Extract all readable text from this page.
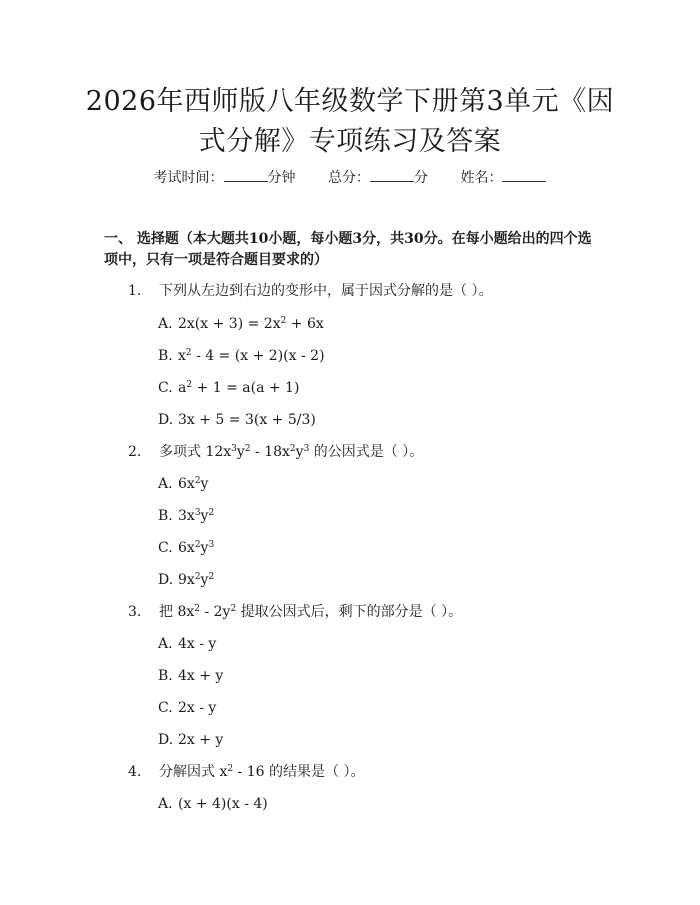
2026年西师版八年级数学下册第3单元《因
式分解》专项练习及答案
考试时间：	分钟 总分：	分 姓名：
一、 选择题（本大题共10小题，每小题3分，共30分。在每小题给出的四个选项中，只有一项是符合题目要求的）
1. 下列从左边到右边的变形中，属于因式分解的是（ ）。
A. $2x(x + 3) = 2x^2 + 6x$
B. $x^2 - 4 = (x + 2)(x - 2)$
C. $a^2 + 1 = a(a + 1)$
D. 3x + 5 = 3(x + 5/3)
2. 多项式 $12x^3y^2 - 18x^2y^3$ 的公因式是（ ）。
A. $6x^2y$
B. $3x^3y^2$
C. $6x^2y^3$
D. $9x^2y^2$
3. 把 $8x^2 - 2y^2$ 提取公因式后，剩下的部分是（ ）。
A. 4x - y
B. 4x + y
C. 2x - y
D. 2x + y
4. 分解因式 $x^2 - 16$ 的结果是（ ）。
A. (x + 4)(x - 4)
